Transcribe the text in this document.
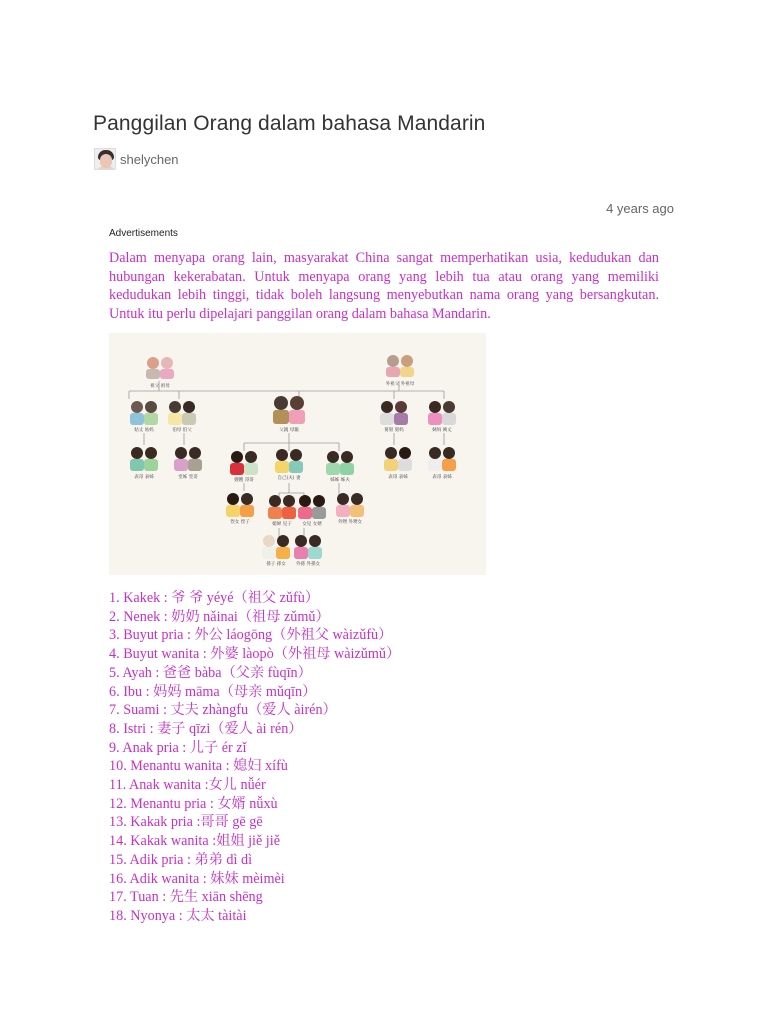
Panggilan Orang dalam bahasa Mandarin
shelychen
4 years ago
Advertisements

Dalam menyapa orang lain, masyarakat China sangat memperhatikan usia, kedudukan dan hubungan kekerabatan. Untuk menyapa orang yang lebih tua atau orang yang memiliki kedudukan lebih tinggi, tidak boleh langsung menyebutkan nama orang yang bersangkutan. Untuk itu perlu dipelajari panggilan orang dalam bahasa Mandarin.

祖父 祖母	外祖父 外祖母
姑丈 姑妈	伯母 伯父	父親 母親	舅舅 舅妈	姨妈 姨丈
表哥 表姊	堂姊 堂哥
嫂嫂 哥哥	自己(夫) 妻	姊姊 姊夫
表哥 表姊	表哥 表姊
侄女 侄子	媳婦 兒子 女兒 女婿	外甥 外甥女
孫子 孫女 外孫 外孫女
1. Kakek : 爷 爷 yéyé（祖父 zǔfù）
2. Nenek : 奶奶 nǎinai（祖母 zǔmǔ）
3. Buyut pria : 外公 láogōng（外祖父 wàizǔfù）
4. Buyut wanita : 外婆 làopò（外祖母 wàizǔmǔ）
5. Ayah : 爸爸 bàba（父亲 fùqīn）
6. Ibu : 妈妈 māma（母亲 mǔqīn）
7. Suami : 丈夫 zhàngfu（爱人 àirén）
8. Istri : 妻子 qīzi（爱人 ài rén）
9. Anak pria : 儿子 ér zǐ
10. Menantu wanita : 媳妇 xífù
11. Anak wanita :女儿 nǚér
12. Menantu pria : 女婿 nǚxù
13. Kakak pria :哥哥 gē gē
14. Kakak wanita :姐姐 jiě jiě
15. Adik pria : 弟弟 dì dì
16. Adik wanita : 妹妹 mèimèi
17. Tuan : 先生 xiān shēng
18. Nyonya : 太太 tàitài
